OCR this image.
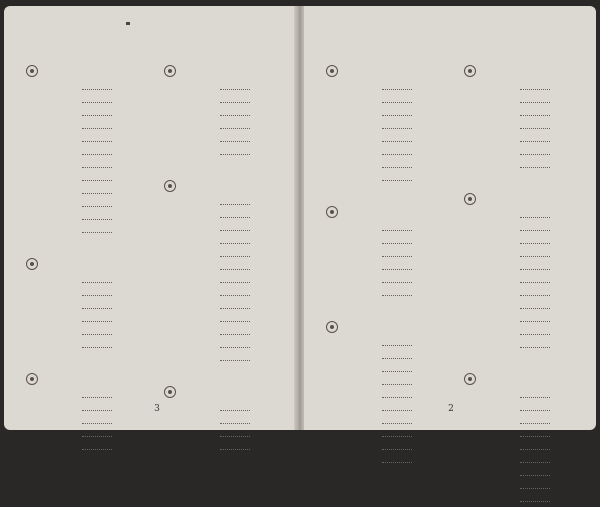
3	2
